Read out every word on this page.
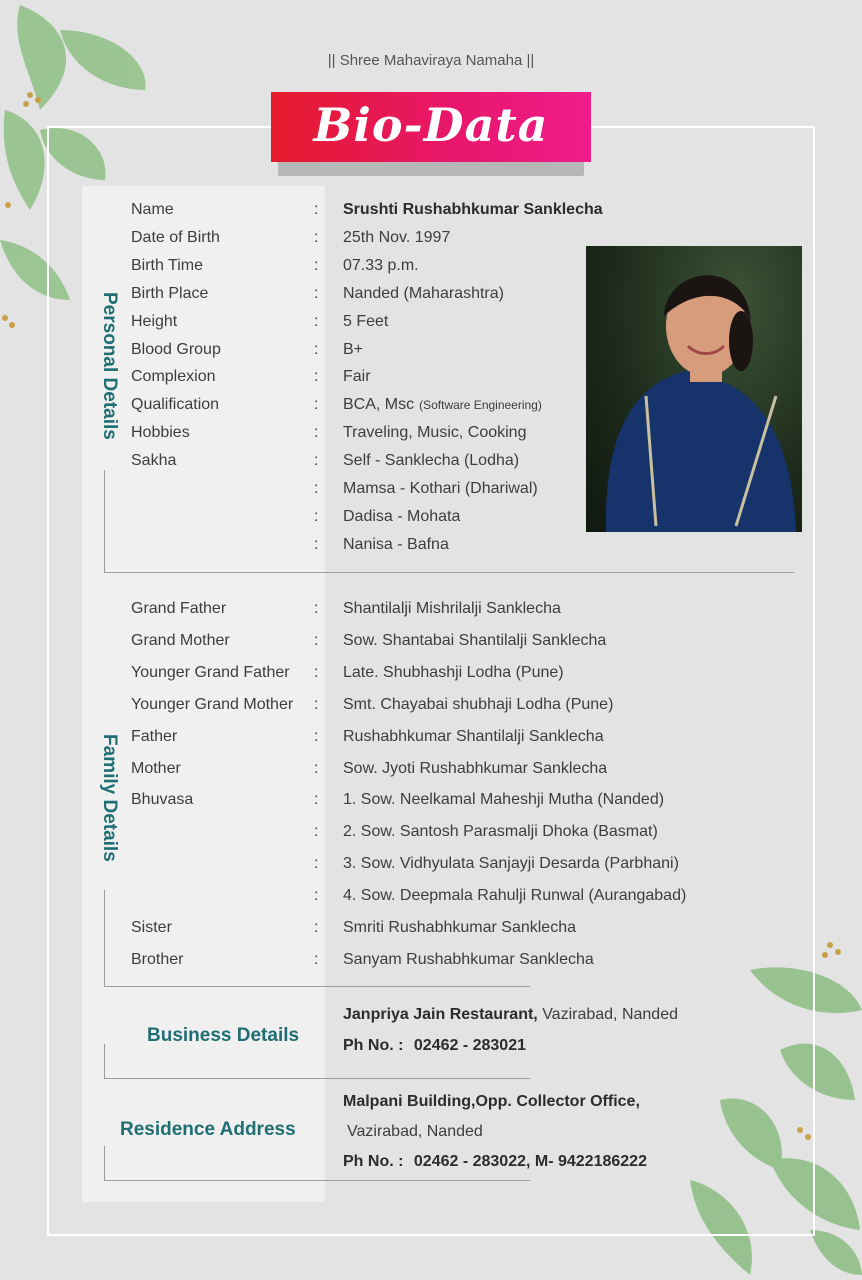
|| Shree Mahaviraya Namaha ||
Bio-Data
Personal Details
Name	: Srushti Rushabhkumar Sanklecha
Date of Birth	: 25th Nov. 1997
Birth Time	: 07.33 p.m.
Birth Place	: Nanded (Maharashtra)
Height	: 5 Feet
Blood Group	: B+
Complexion	: Fair
Qualification	: BCA, Msc (Software Engineering)
Hobbies	: Traveling, Music, Cooking
Sakha	: Self - Sanklecha (Lodha)
: Mamsa - Kothari (Dhariwal)
: Dadisa - Mohata
: Nanisa - Bafna
Family Details
Grand Father	: Shantilalji Mishrilalji Sanklecha
Grand Mother	: Sow. Shantabai Shantilalji Sanklecha
Younger Grand Father : Late. Shubhashji Lodha (Pune)
Younger Grand Mother : Smt. Chayabai shubhaji Lodha (Pune)
Father	: Rushabhkumar Shantilalji Sanklecha
Mother	: Sow. Jyoti Rushabhkumar Sanklecha
Bhuvasa	: 1. Sow. Neelkamal Maheshji Mutha (Nanded)
: 2. Sow. Santosh Parasmalji Dhoka (Basmat)
: 3. Sow. Vidhyulata Sanjayji Desarda (Parbhani)
: 4. Sow. Deepmala Rahulji Runwal (Aurangabad)
Sister	: Smriti Rushabhkumar Sanklecha
Brother	: Sanyam Rushabhkumar Sanklecha
Business Details
Janpriya Jain Restaurant, Vazirabad, Nanded
Ph No. : 02462 - 283021
Residence Address
Malpani Building,Opp. Collector Office,
Vazirabad, Nanded
Ph No. : 02462 - 283022, M- 9422186222
